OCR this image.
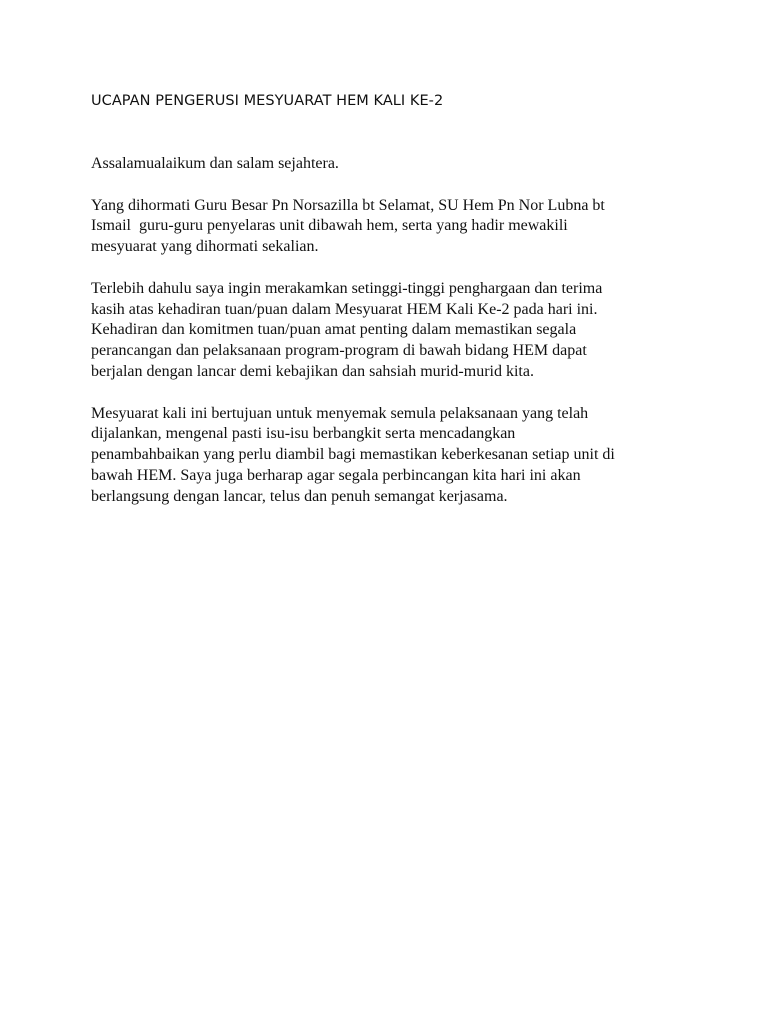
UCAPAN PENGERUSI MESYUARAT HEM KALI KE-2

Assalamualaikum dan salam sejahtera.

Yang dihormati Guru Besar Pn Norsazilla bt Selamat, SU Hem Pn Nor Lubna bt
Ismail  guru-guru penyelaras unit dibawah hem, serta yang hadir mewakili
mesyuarat yang dihormati sekalian.

Terlebih dahulu saya ingin merakamkan setinggi-tinggi penghargaan dan terima
kasih atas kehadiran tuan/puan dalam Mesyuarat HEM Kali Ke-2 pada hari ini.
Kehadiran dan komitmen tuan/puan amat penting dalam memastikan segala
perancangan dan pelaksanaan program-program di bawah bidang HEM dapat
berjalan dengan lancar demi kebajikan dan sahsiah murid-murid kita.

Mesyuarat kali ini bertujuan untuk menyemak semula pelaksanaan yang telah
dijalankan, mengenal pasti isu-isu berbangkit serta mencadangkan
penambahbaikan yang perlu diambil bagi memastikan keberkesanan setiap unit di
bawah HEM. Saya juga berharap agar segala perbincangan kita hari ini akan
berlangsung dengan lancar, telus dan penuh semangat kerjasama.
